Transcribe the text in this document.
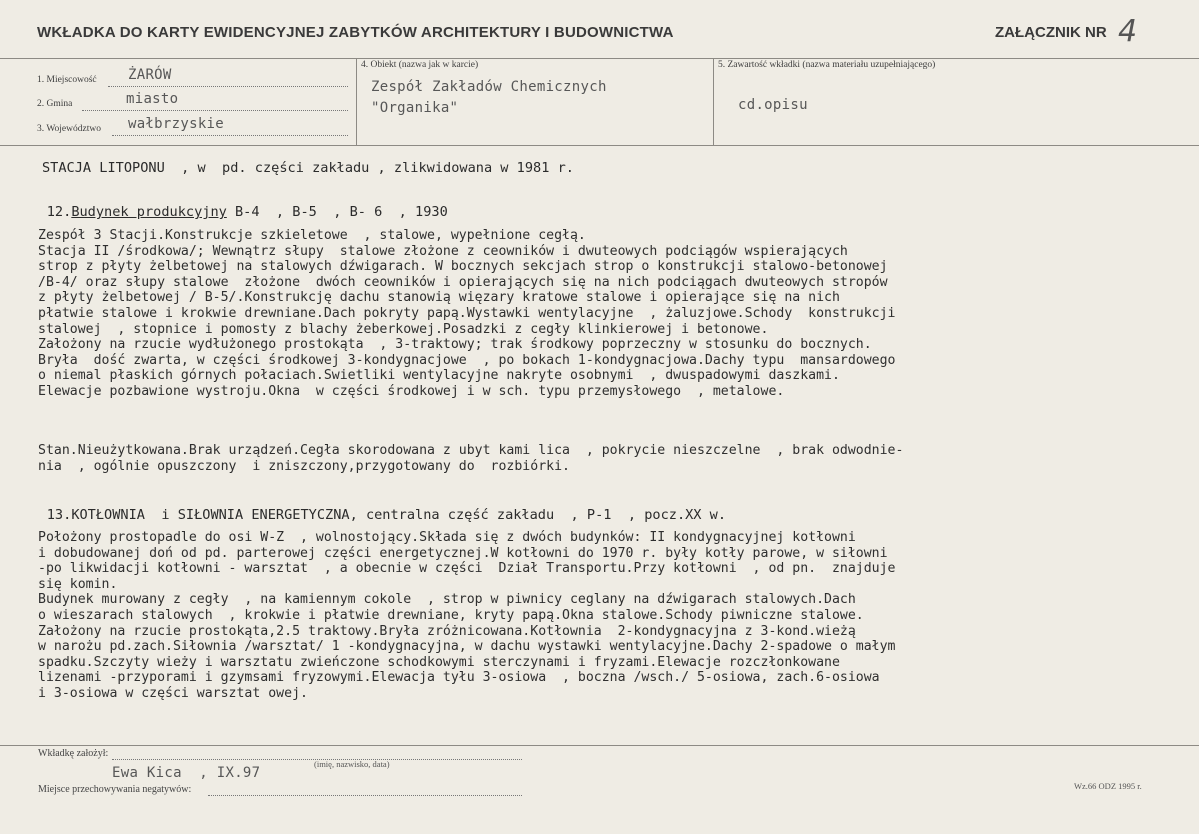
WKŁADKA DO KARTY EWIDENCYJNEJ ZABYTKÓW ARCHITEKTURY I BUDOWNICTWA	ZAŁĄCZNIK NR 4
1. Miejscowość ŻARÓW
2. Gmina	miasto
3. Województwo wałbrzyskie
4. Obiekt (nazwa jak w karcie)
Zespół Zakładów Chemicznych
"Organika"
5. Zawartość wkładki (nazwa materiału uzupełniającego)
cd.opisu
STACJA LITOPONU  , w  pd. części zakładu , zlikwidowana w 1981 r.

12.Budynek produkcyjny B-4  , B-5  , B- 6  , 1930

Zespół 3 Stacji.Konstrukcje szkieletowe  , stalowe, wypełnione cegłą.
Stacja II /środkowa/; Wewnątrz słupy  stalowe złożone z ceowników i dwuteowych podciągów wspierających
strop z płyty żelbetowej na stalowych dźwigarach. W bocznych sekcjach strop o konstrukcji stalowo-betonowej
/B-4/ oraz słupy stalowe  złożone  dwóch ceowników i opierających się na nich podciągach dwuteowych stropów
z płyty żelbetowej / B-5/.Konstrukcję dachu stanowią więzary kratowe stalowe i opierające się na nich
płatwie stalowe i krokwie drewniane.Dach pokryty papą.Wystawki wentylacyjne  , żaluzjowe.Schody  konstrukcji
stalowej  , stopnice i pomosty z blachy żeberkowej.Posadzki z cegły klinkierowej i betonowe.
Założony na rzucie wydłużonego prostokąta  , 3-traktowy; trak środkowy poprzeczny w stosunku do bocznych.
Bryła  dość zwarta, w części środkowej 3-kondygnacjowe  , po bokach 1-kondygnacjowa.Dachy typu  mansardowego
o niemal płaskich górnych połaciach.Swietliki wentylacyjne nakryte osobnymi  , dwuspadowymi daszkami.
Elewacje pozbawione wystroju.Okna  w części środkowej i w sch. typu przemysłowego  , metalowe.
Stan.Nieużytkowana.Brak urządzeń.Cegła skorodowana z ubyt kami lica  , pokrycie nieszczelne  , brak odwodnie-
nia  , ogólnie opuszczony  i zniszczony,przygotowany do  rozbiórki.

13.KOTŁOWNIA  i SIŁOWNIA ENERGETYCZNA, centralna część zakładu  , P-1  , pocz.XX w.

Położony prostopadle do osi W-Z  , wolnostojący.Składa się z dwóch budynków: II kondygnacyjnej kotłowni
i dobudowanej doń od pd. parterowej części energetycznej.W kotłowni do 1970 r. były kotły parowe, w siłowni
-po likwidacji kotłowni - warsztat  , a obecnie w części  Dział Transportu.Przy kotłowni  , od pn.  znajduje
się komin.
Budynek murowany z cegły  , na kamiennym cokole  , strop w piwnicy ceglany na dźwigarach stalowych.Dach
o wieszarach stalowych  , krokwie i płatwie drewniane, kryty papą.Okna stalowe.Schody piwniczne stalowe.
Założony na rzucie prostokąta,2.5 traktowy.Bryła zróżnicowana.Kotłownia  2-kondygnacyjna z 3-kond.wieżą
w narożu pd.zach.Siłownia /warsztat/ 1 -kondygnacyjna, w dachu wystawki wentylacyjne.Dachy 2-spadowe o małym
spadku.Szczyty wieży i warsztatu zwieńczone schodkowymi sterczynami i fryzami.Elewacje rozczłonkowane
lizenami -przyporami i gzymsami fryzowymi.Elewacja tyłu 3-osiowa  , boczna /wsch./ 5-osiowa, zach.6-osiowa
i 3-osiowa w części warsztat owej.
Wkładkę założył:
(imię, nazwisko, data)
Ewa Kica  , IX.97
Miejsce przechowywania negatywów:	Wz.66 ODZ 1995 r.
